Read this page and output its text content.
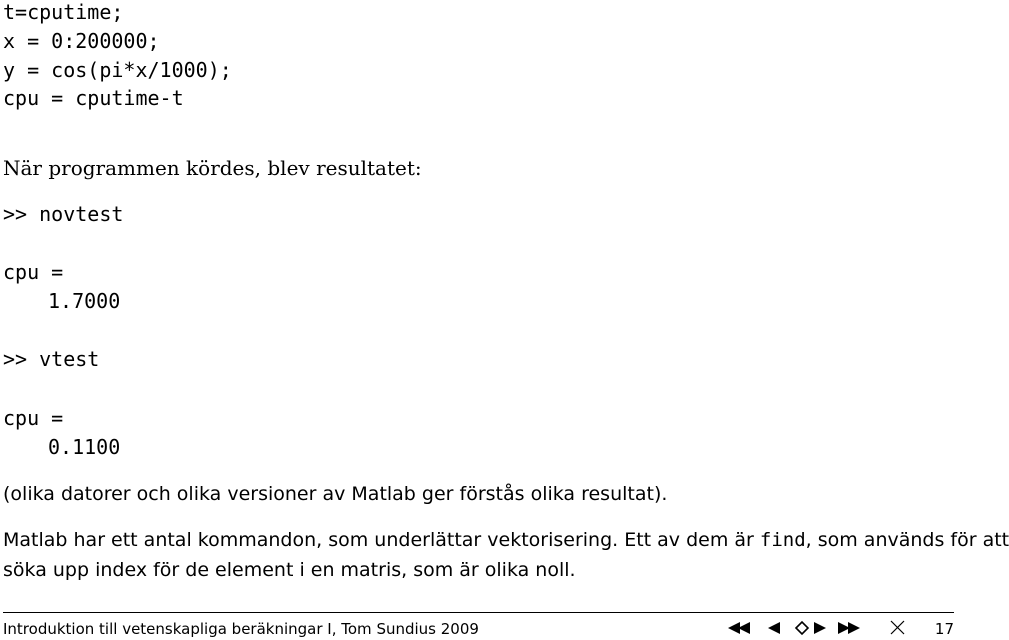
t=cputime;
x = 0:200000;
y = cos(pi*x/1000);
cpu = cputime-t
När programmen kördes, blev resultatet:
>> novtest
cpu =
1.7000
>> vtest
cpu =
0.1100
(olika datorer och olika versioner av Matlab ger förstås olika resultat).
Matlab har ett antal kommandon, som underlättar vektorisering. Ett av dem är find, som används för att
söka upp index för de element i en matris, som är olika noll.
Introduktion till vetenskapliga beräkningar I, Tom Sundius 2009	17
